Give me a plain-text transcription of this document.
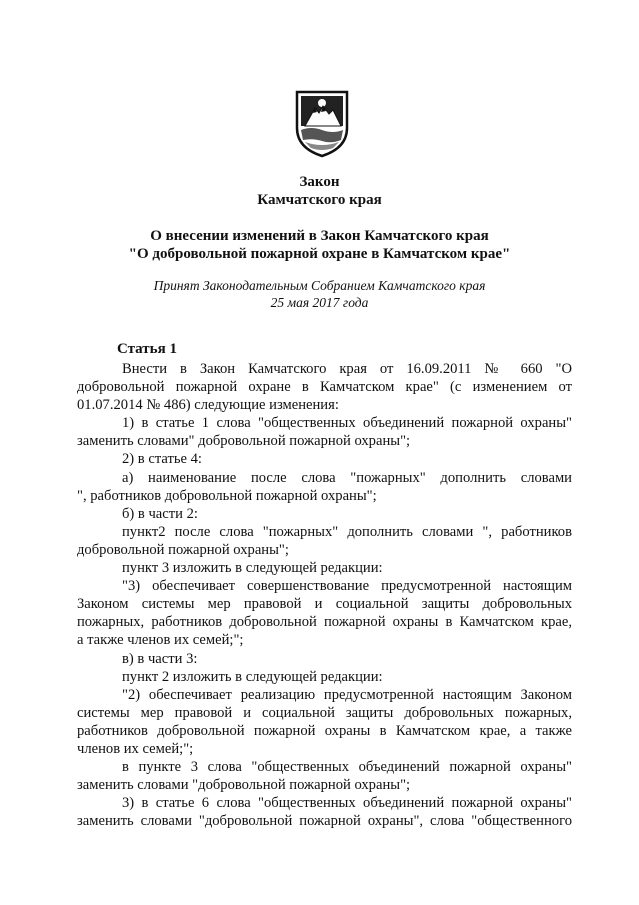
Закон
Камчатского края
О внесении изменений в Закон Камчатского края
"О добровольной пожарной охране в Камчатском крае"
Принят Законодательным Собранием Камчатского края
25 мая 2017 года
Статья 1
Внести в Закон Камчатского края от 16.09.2011 № 660 "О
добровольной пожарной охране в Камчатском крае" (с изменением от
01.07.2014 № 486) следующие изменения:
1) в статье 1 слова "общественных объединений пожарной охраны"
заменить словами" добровольной пожарной охраны";
2) в статье 4:
а) наименование после слова "пожарных" дополнить словами
", работников добровольной пожарной охраны";
б) в части 2:
пункт2 после слова "пожарных" дополнить словами ", работников
добровольной пожарной охраны";
пункт 3 изложить в следующей редакции:
"3) обеспечивает совершенствование предусмотренной настоящим
Законом системы мер правовой и социальной защиты добровольных
пожарных, работников добровольной пожарной охраны в Камчатском крае,
а также членов их семей;";
в) в части 3:
пункт 2 изложить в следующей редакции:
"2) обеспечивает реализацию предусмотренной настоящим Законом
системы мер правовой и социальной защиты добровольных пожарных,
работников добровольной пожарной охраны в Камчатском крае, а также
членов их семей;";
в пункте 3 слова "общественных объединений пожарной охраны"
заменить словами "добровольной пожарной охраны";
3) в статье 6 слова "общественных объединений пожарной охраны"
заменить словами "добровольной пожарной охраны", слова "общественного
